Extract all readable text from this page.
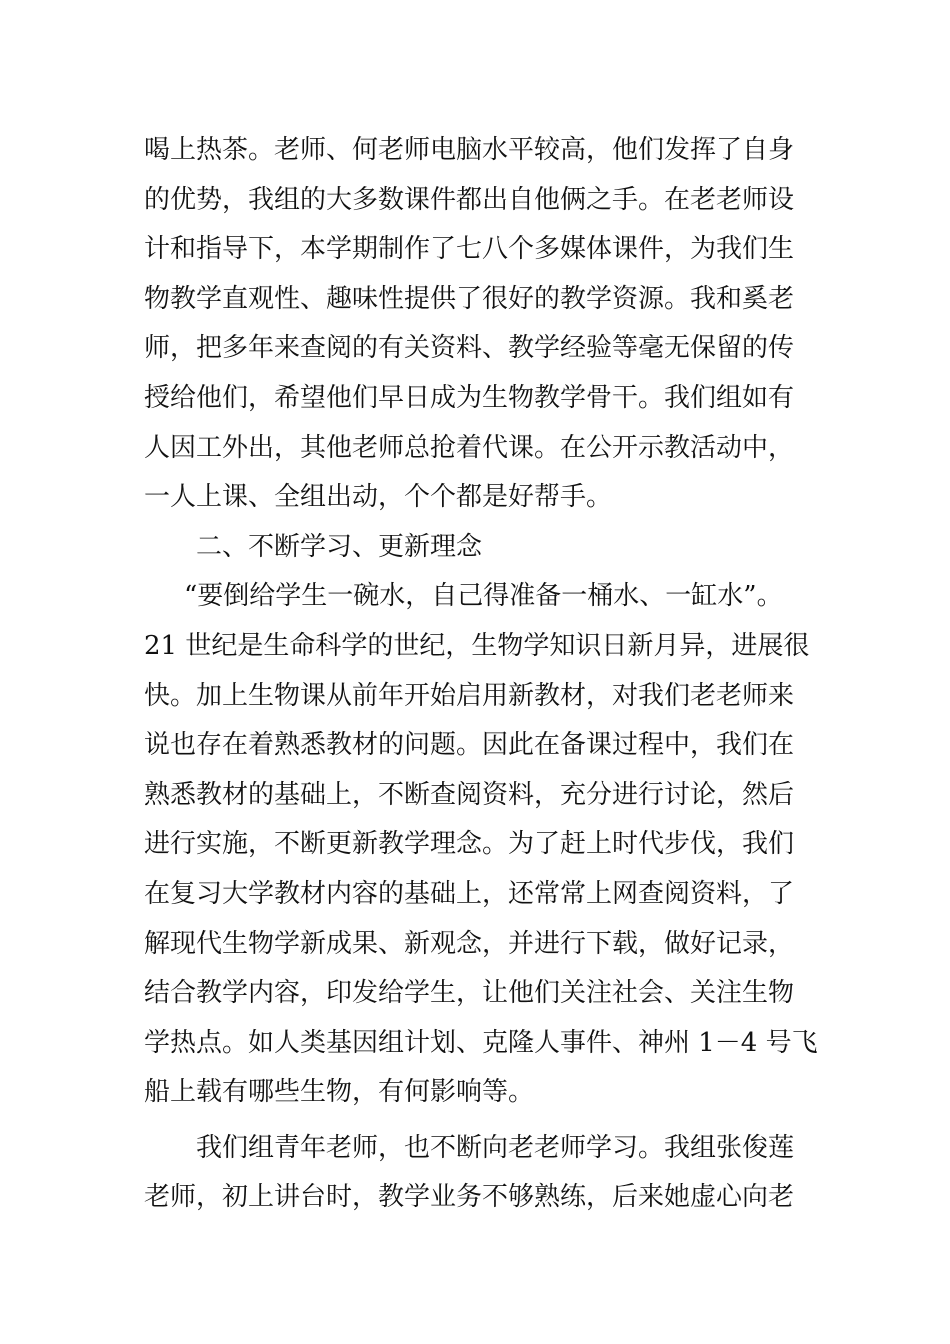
喝上热茶。老师、何老师电脑水平较高，他们发挥了自身
的优势，我组的大多数课件都出自他俩之手。在老老师设
计和指导下，本学期制作了七八个多媒体课件，为我们生
物教学直观性、趣味性提供了很好的教学资源。我和奚老
师，把多年来查阅的有关资料、教学经验等毫无保留的传
授给他们，希望他们早日成为生物教学骨干。我们组如有
人因工外出，其他老师总抢着代课。在公开示教活动中，
一人上课、全组出动，个个都是好帮手。
二、不断学习、更新理念
“要倒给学生一碗水，自己得准备一桶水、一缸水”。
21 世纪是生命科学的世纪，生物学知识日新月异，进展很
快。加上生物课从前年开始启用新教材，对我们老老师来
说也存在着熟悉教材的问题。因此在备课过程中，我们在
熟悉教材的基础上，不断查阅资料，充分进行讨论，然后
进行实施，不断更新教学理念。为了赶上时代步伐，我们
在复习大学教材内容的基础上，还常常上网查阅资料，了
解现代生物学新成果、新观念，并进行下载，做好记录，
结合教学内容，印发给学生，让他们关注社会、关注生物
学热点。如人类基因组计划、克隆人事件、神州 1－4 号飞
船上载有哪些生物，有何影响等。
我们组青年老师，也不断向老老师学习。我组张俊莲
老师，初上讲台时，教学业务不够熟练，后来她虚心向老
